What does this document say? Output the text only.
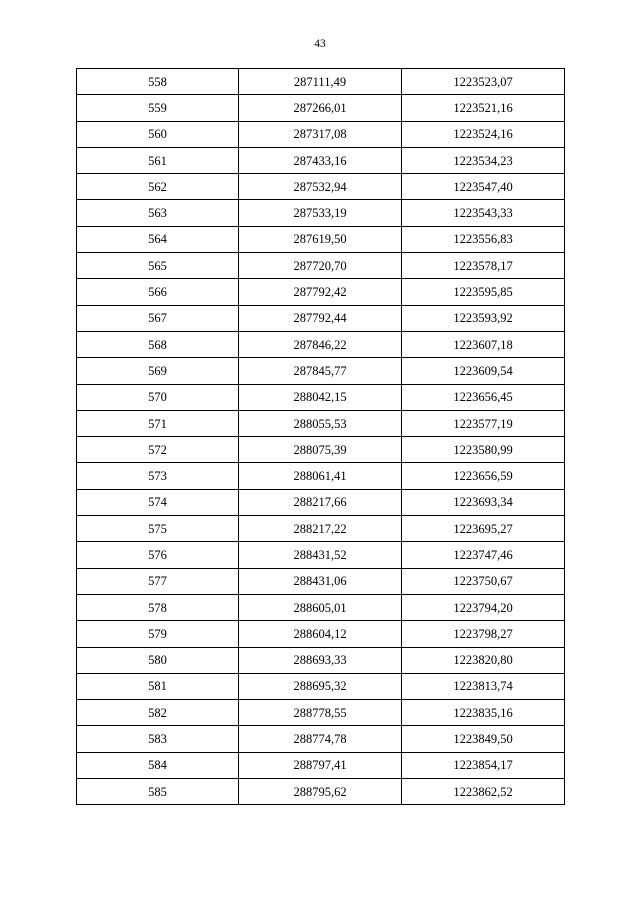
43
558	287111,49	1223523,07
559	287266,01	1223521,16
560	287317,08	1223524,16
561	287433,16	1223534,23
562	287532,94	1223547,40
563	287533,19	1223543,33
564	287619,50	1223556,83
565	287720,70	1223578,17
566	287792,42	1223595,85
567	287792,44	1223593,92
568	287846,22	1223607,18
569	287845,77	1223609,54
570	288042,15	1223656,45
571	288055,53	1223577,19
572	288075,39	1223580,99
573	288061,41	1223656,59
574	288217,66	1223693,34
575	288217,22	1223695,27
576	288431,52	1223747,46
577	288431,06	1223750,67
578	288605,01	1223794,20
579	288604,12	1223798,27
580	288693,33	1223820,80
581	288695,32	1223813,74
582	288778,55	1223835,16
583	288774,78	1223849,50
584	288797,41	1223854,17
585	288795,62	1223862,52
